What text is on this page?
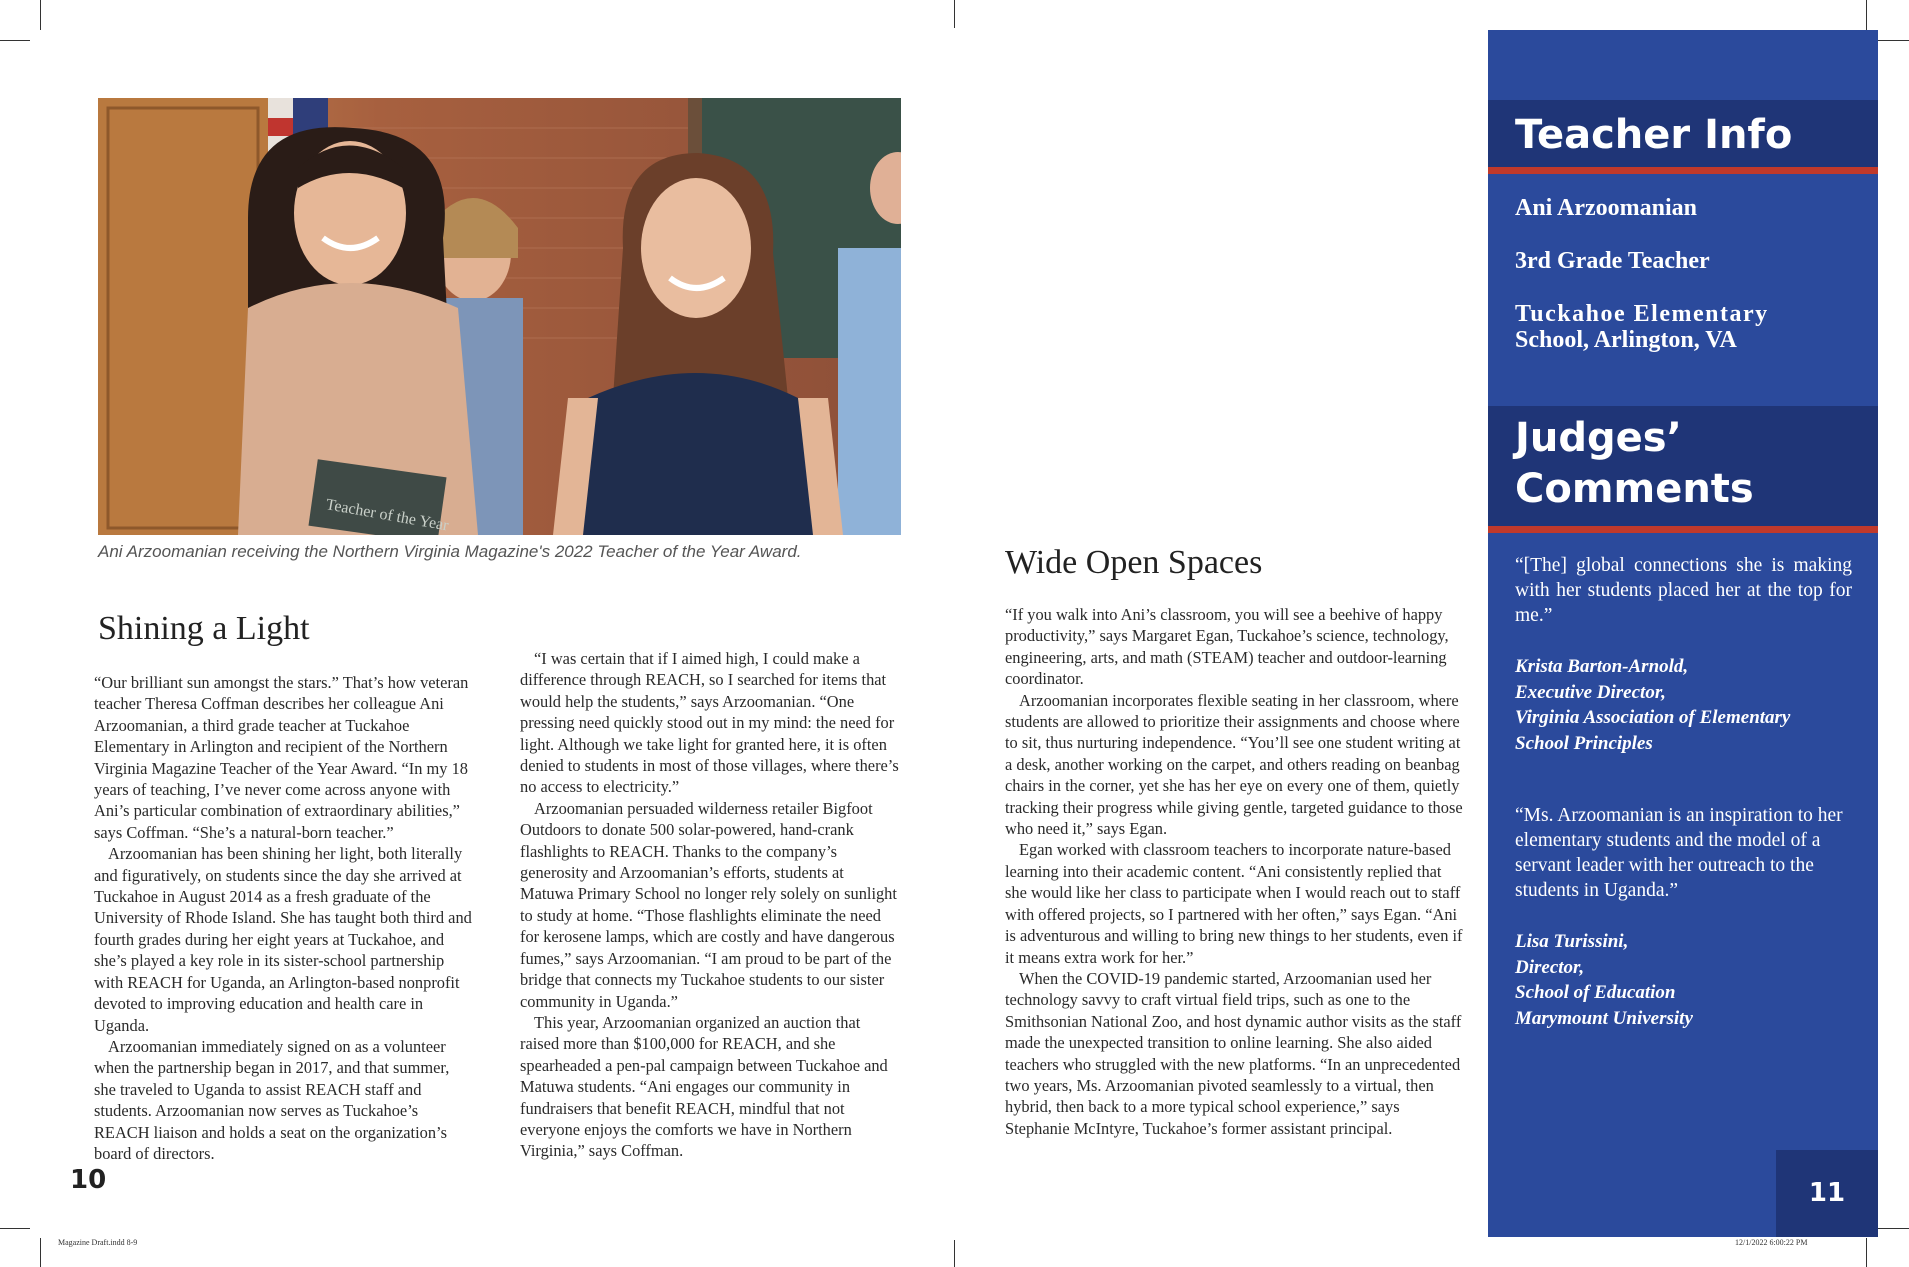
Teacher of the Year
Ani Arzoomanian receiving the Northern Virginia Magazine's 2022 Teacher of the Year Award.
Shining a Light

“Our brilliant sun amongst the stars.” That’s how veteran teacher Theresa Coffman describes her colleague Ani Arzoomanian, a third grade teacher at Tuckahoe Elementary in Arlington and recipient of the Northern Virginia Magazine Teacher of the Year Award. “In my 18 years of teaching, I’ve never come across anyone with Ani’s particular combination of extraordinary abilities,” says Coffman. “She’s a natural-born teacher.”

Arzoomanian has been shining her light, both literally and figuratively, on students since the day she arrived at Tuckahoe in August 2014 as a fresh graduate of the University of Rhode Island. She has taught both third and fourth grades during her eight years at Tuckahoe, and she’s played a key role in its sister-school partnership with REACH for Uganda, an Arlington-based nonprofit devoted to improving education and health care in Uganda.

Arzoomanian immediately signed on as a volunteer when the partnership began in 2017, and that summer, she traveled to Uganda to assist REACH staff and students. Arzoomanian now serves as Tuckahoe’s REACH liaison and holds a seat on the organization’s board of directors.

“I was certain that if I aimed high, I could make a difference through REACH, so I searched for items that would help the students,” says Arzoomanian. “One pressing need quickly stood out in my mind: the need for light. Although we take light for granted here, it is often denied to students in most of those villages, where there’s no access to electricity.”

Arzoomanian persuaded wilderness retailer Bigfoot Outdoors to donate 500 solar-powered, hand-crank flashlights to REACH. Thanks to the company’s generosity and Arzoomanian’s efforts, students at Matuwa Primary School no longer rely solely on sunlight to study at home. “Those flashlights eliminate the need for kerosene lamps, which are costly and have dangerous fumes,” says Arzoomanian. “I am proud to be part of the bridge that connects my Tuckahoe students to our sister community in Uganda.”

This year, Arzoomanian organized an auction that raised more than $100,000 for REACH, and she spearheaded a pen-pal campaign between Tuckahoe and Matuwa students. “Ani engages our community in fundraisers that benefit REACH, mindful that not everyone enjoys the comforts we have in Northern Virginia,” says Coffman.

10
Wide Open Spaces

“If you walk into Ani’s classroom, you will see a beehive of happy productivity,” says Margaret Egan, Tuckahoe’s science, technology, engineering, arts, and math (STEAM) teacher and outdoor-learning coordinator.

Arzoomanian incorporates flexible seating in her classroom, where students are allowed to prioritize their assignments and choose where to sit, thus nurturing independence. “You’ll see one student writing at a desk, another working on the carpet, and others reading on beanbag chairs in the corner, yet she has her eye on every one of them, quietly tracking their progress while giving gentle, targeted guidance to those who need it,” says Egan.

Egan worked with classroom teachers to incorporate nature-based learning into their academic content. “Ani consistently replied that she would like her class to participate when I would reach out to staff with offered projects, so I partnered with her often,” says Egan. “Ani is adventurous and willing to bring new things to her students, even if it means extra work for her.”

When the COVID-19 pandemic started, Arzoomanian used her technology savvy to craft virtual field trips, such as one to the Smithsonian National Zoo, and host dynamic author visits as the staff made the unexpected transition to online learning. She also aided teachers who struggled with the new platforms. “In an unprecedented two years, Ms. Arzoomanian pivoted seamlessly to a virtual, then hybrid, then back to a more typical school experience,” says Stephanie McIntyre, Tuckahoe’s former assistant principal.

Teacher Info
Ani Arzoomanian
3rd Grade Teacher
Tuckahoe Elementary
School, Arlington, VA
Judges’
Comments
“[The] global connections she is making with her students placed her at the top for me.”
Krista Barton-Arnold,
Executive Director,
Virginia Association of Elementary
School Principles
“Ms. Arzoomanian is an inspiration to her elementary students and the model of a servant leader with her outreach to the students in Uganda.”
Lisa Turissini,
Director,
School of Education
Marymount University
11
Magazine Draft.indd 8-9	12/1/2022 6:00:22 PM
